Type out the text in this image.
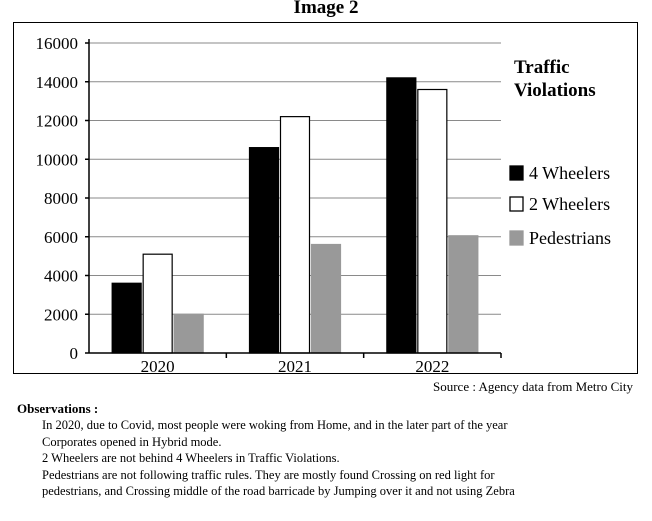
Image 2
0
2000
4000
6000
8000
10000
12000
14000
16000
2020	2021	2022
4 Wheelers
2 Wheelers
Pedestrians
Traffic
Violations
Source : Agency data from Metro City
Observations :
In 2020, due to Covid, most people were woking from Home, and in the later part of the year
Corporates opened in Hybrid mode.
2 Wheelers are not behind 4 Wheelers in Traffic Violations.
Pedestrians are not following traffic rules. They are mostly found Crossing on red light for
pedestrians, and Crossing middle of the road barricade by Jumping over it and not using Zebra
